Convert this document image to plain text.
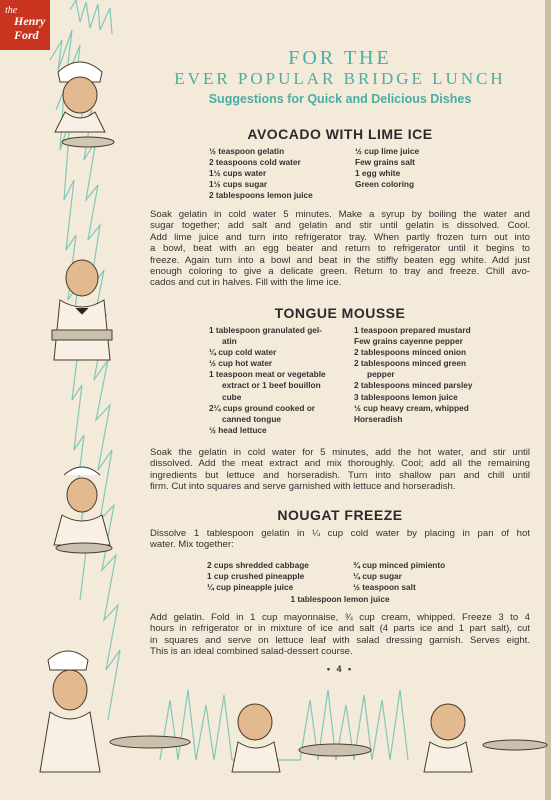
the
Henry
Ford
FOR THE
EVER POPULAR BRIDGE LUNCH
Suggestions for Quick and Delicious Dishes
AVOCADO WITH LIME ICE
½ teaspoon gelatin
2 teaspoons cold water
1½ cups water
1½ cups sugar
2 tablespoons lemon juice
½ cup lime juice
Few grains salt
1 egg white
Green coloring
Soak gelatin in cold water 5 minutes. Make a syrup by boiling the water and
sugar together; add salt and gelatin and stir until gelatin is dissolved. Cool.
Add lime juice and turn into refrigerator tray. When partly frozen turn out into
a bowl, beat with an egg beater and return to refrigerator until it begins to
freeze. Again turn into a bowl and beat in the stiffly beaten egg white. Add just
enough coloring to give a delicate green. Return to tray and freeze. Chill avo-
cados and cut in halves. Fill with the lime ice.
TONGUE MOUSSE
1 tablespoon granulated gel-
atin
¼ cup cold water
½ cup hot water
1 teaspoon meat or vegetable
extract or 1 beef bouillon
cube
2¼ cups ground cooked or
canned tongue
½ head lettuce
1 teaspoon prepared mustard
Few grains cayenne pepper
2 tablespoons minced onion
2 tablespoons minced green
pepper
2 tablespoons minced parsley
3 tablespoons lemon juice
½ cup heavy cream, whipped
Horseradish
Soak the gelatin in cold water for 5 minutes, add the hot water, and stir until
dissolved. Add the meat extract and mix thoroughly. Cool; add all the remaining
ingredients but lettuce and horseradish. Turn into shallow pan and chill until
firm. Cut into squares and serve garnished with lettuce and horseradish.
NOUGAT FREEZE
Dissolve 1 tablespoon gelatin in ¼ cup cold water by placing in pan of hot
water. Mix together:
2 cups shredded cabbage
1 cup crushed pineapple
¼ cup pineapple juice
¾ cup minced pimiento
¼ cup sugar
½ teaspoon salt
1 tablespoon lemon juice
Add gelatin. Fold in 1 cup mayonnaise, ¾ cup cream, whipped. Freeze 3 to 4
hours in refrigerator or in mixture of ice and salt (4 parts ice and 1 part salt), cut
in squares and serve on lettuce leaf with salad dressing garnish. Serves eight.
This is an ideal combined salad-dessert course.
• 4 •
